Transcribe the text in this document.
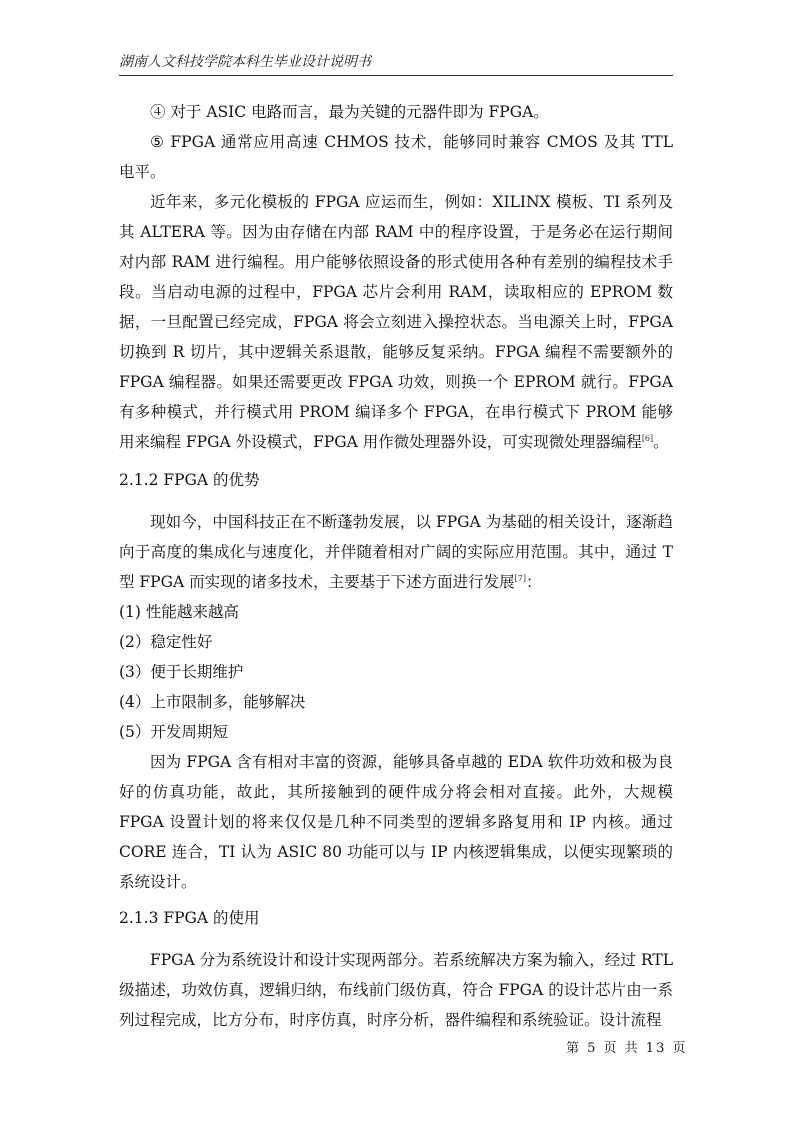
湖南人文科技学院本科生毕业设计说明书

④ 对于 ASIC 电路而言，最为关键的元器件即为 FPGA。

⑤ FPGA 通常应用高速 CHMOS 技术，能够同时兼容 CMOS 及其 TTL 电平。

近年来，多元化模板的 FPGA 应运而生，例如：XILINX 模板、TI 系列及其 ALTERA 等。因为由存储在内部 RAM 中的程序设置，于是务必在运行期间对内部 RAM 进行编程。用户能够依照设备的形式使用各种有差别的编程技术手段。当启动电源的过程中，FPGA 芯片会利用 RAM，读取相应的 EPROM 数据，一旦配置已经完成，FPGA 将会立刻进入操控状态。当电源关上时，FPGA 切换到 R 切片，其中逻辑关系退散，能够反复采纳。FPGA 编程不需要额外的 FPGA 编程器。如果还需要更改 FPGA 功效，则换一个 EPROM 就行。FPGA 有多种模式，并行模式用 PROM 编译多个 FPGA，在串行模式下 PROM 能够用来编程 FPGA 外设模式，FPGA 用作微处理器外设，可实现微处理器编程[6]。

2.1.2 FPGA 的优势

现如今，中国科技正在不断蓬勃发展，以 FPGA 为基础的相关设计，逐渐趋向于高度的集成化与速度化，并伴随着相对广阔的实际应用范围。其中，通过 T 型 FPGA 而实现的诸多技术，主要基于下述方面进行发展[7]：

(1) 性能越来越高
(2）稳定性好
(3）便于长期维护
(4）上市限制多，能够解决
(5）开发周期短

因为 FPGA 含有相对丰富的资源，能够具备卓越的 EDA 软件功效和极为良好的仿真功能，故此，其所接触到的硬件成分将会相对直接。此外，大规模 FPGA 设置计划的将来仅仅是几种不同类型的逻辑多路复用和 IP 内核。通过 CORE 连合，TI 认为 ASIC 80 功能可以与 IP 内核逻辑集成，以便实现繁琐的系统设计。

2.1.3 FPGA 的使用

FPGA 分为系统设计和设计实现两部分。若系统解决方案为输入，经过 RTL 级描述，功效仿真，逻辑归纳，布线前门级仿真，符合 FPGA 的设计芯片由一系列过程完成，比方分布，时序仿真，时序分析，器件编程和系统验证。设计流程

第 5 页 共 13 页
